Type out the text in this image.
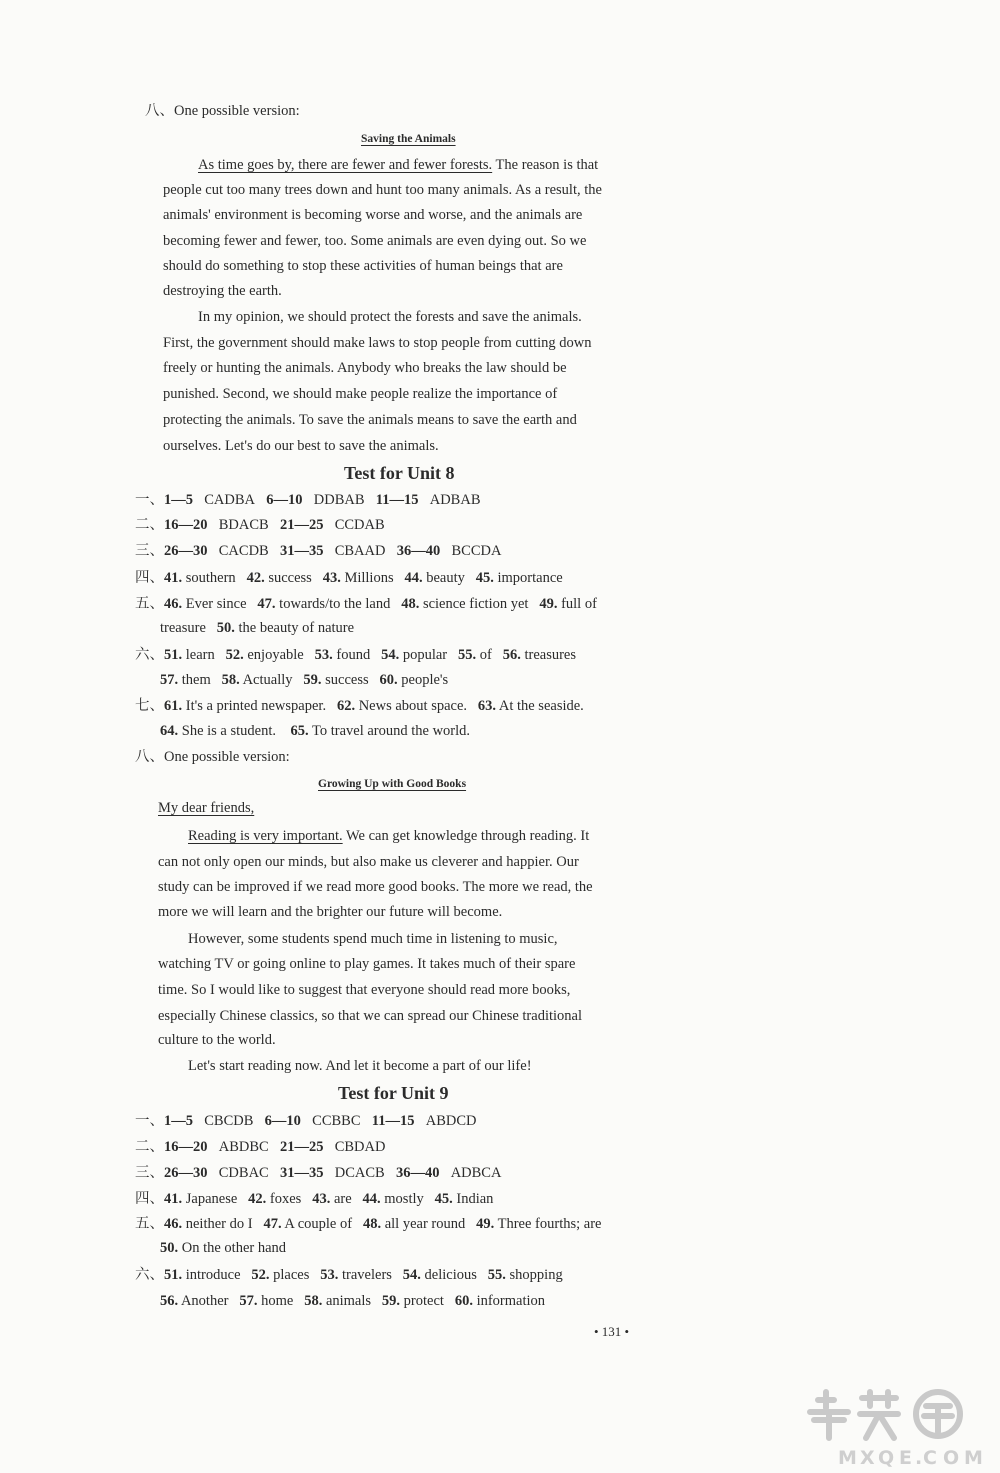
八、One possible version:
Saving the Animals
As time goes by, there are fewer and fewer forests. The reason is that
people cut too many trees down and hunt too many animals. As a result, the
animals' environment is becoming worse and worse, and the animals are
becoming fewer and fewer, too. Some animals are even dying out. So we
should do something to stop these activities of human beings that are
destroying the earth.
In my opinion, we should protect the forests and save the animals.
First, the government should make laws to stop people from cutting down
freely or hunting the animals. Anybody who breaks the law should be
punished. Second, we should make people realize the importance of
protecting the animals. To save the animals means to save the earth and
ourselves. Let's do our best to save the animals.
Test for Unit 8
一、1—5 CADBA 6—10 DDBAB 11—15 ADBAB
二、16—20 BDACB 21—25 CCDAB
三、26—30 CACDB 31—35 CBAAD 36—40 BCCDA
四、41. southern 42. success 43. Millions 44. beauty 45. importance
五、46. Ever since 47. towards/to the land 48. science fiction yet 49. full of
treasure 50. the beauty of nature
六、51. learn 52. enjoyable 53. found 54. popular 55. of 56. treasures
57. them 58. Actually 59. success 60. people's
七、61. It's a printed newspaper. 62. News about space. 63. At the seaside.
64. She is a student. 65. To travel around the world.
八、One possible version:
Growing Up with Good Books
My dear friends,
Reading is very important. We can get knowledge through reading. It
can not only open our minds, but also make us cleverer and happier. Our
study can be improved if we read more good books. The more we read, the
more we will learn and the brighter our future will become.
However, some students spend much time in listening to music,
watching TV or going online to play games. It takes much of their spare
time. So I would like to suggest that everyone should read more books,
especially Chinese classics, so that we can spread our Chinese traditional
culture to the world.
Let's start reading now. And let it become a part of our life!
Test for Unit 9
一、1—5 CBCDB 6—10 CCBBC 11—15 ABDCD
二、16—20 ABDBC 21—25 CBDAD
三、26—30 CDBAC 31—35 DCACB 36—40 ADBCA
四、41. Japanese 42. foxes 43. are 44. mostly 45. Indian
五、46. neither do I 47. A couple of 48. all year round 49. Three fourths; are
50. On the other hand
六、51. introduce 52. places 53. travelers 54. delicious 55. shopping
56. Another 57. home 58. animals 59. protect 60. information
• 131 •
M X Q E .
C O M
